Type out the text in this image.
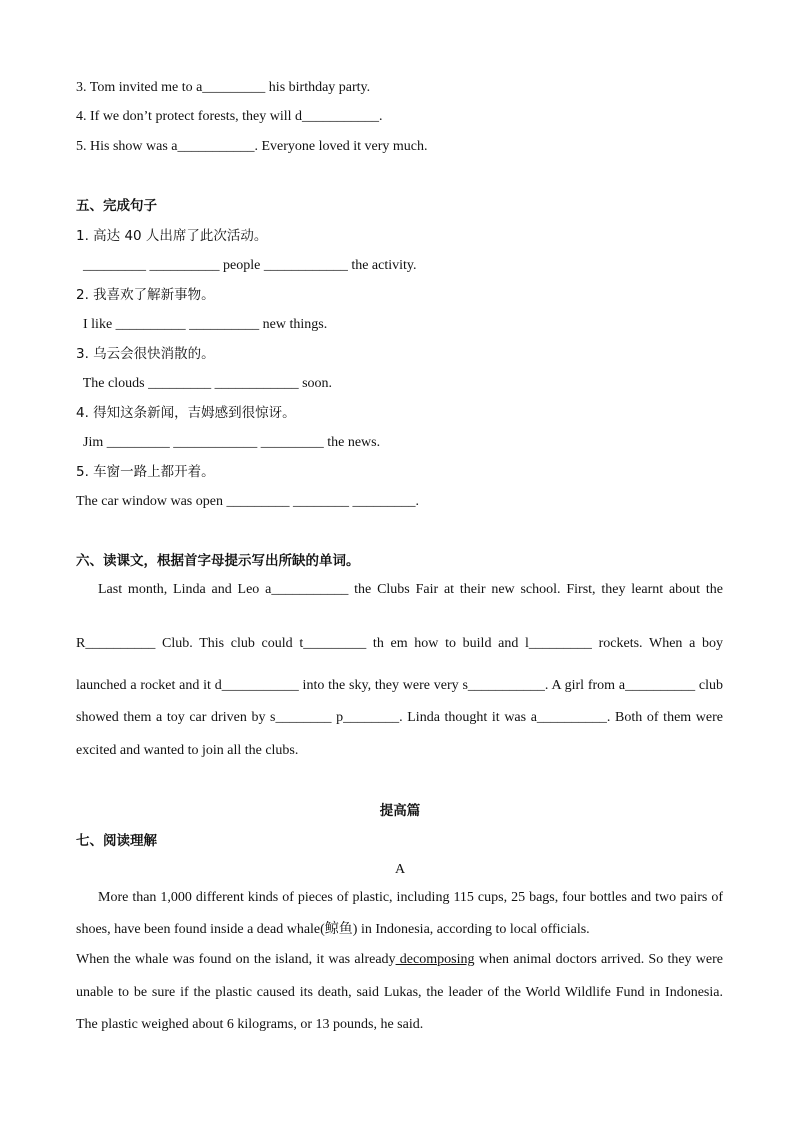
3. Tom invited me to a_________ his birthday party.
4. If we don’t protect forests, they will d___________.
5. His show was a___________. Everyone loved it very much.
五、完成句子
1. 高达 40 人出席了此次活动。
_________ __________ people ____________ the activity.
2. 我喜欢了解新事物。
I like __________ __________ new things.
3. 乌云会很快消散的。
The clouds _________ ____________ soon.
4. 得知这条新闻，吉姆感到很惊讶。
Jim _________ ____________ _________ the news.
5. 车窗一路上都开着。
The car window was open _________ ________ _________.
六、读课文，根据首字母提示写出所缺的单词。
Last month, Linda and Leo a___________ the Clubs Fair at their new school. First, they learnt about the
R__________ Club. This club could t_________ th em how to build and l_________ rockets. When a boy
launched a rocket and it d___________ into the sky, they were very s___________. A girl from a__________ club
showed them a toy car driven by s________ p________. Linda thought it was a__________. Both of them were
excited and wanted to join all the clubs.
提高篇
七、阅读理解
A
More than 1,000 different kinds of pieces of plastic, including 115 cups, 25 bags, four bottles and two pairs of
shoes, have been found inside a dead whale(鲸鱼) in Indonesia, according to local officials.
When the whale was found on the island, it was already decomposing when animal doctors arrived. So they were
unable to be sure if the plastic caused its death, said Lukas, the leader of the World Wildlife Fund in Indonesia.
The plastic weighed about 6 kilograms, or 13 pounds, he said.
